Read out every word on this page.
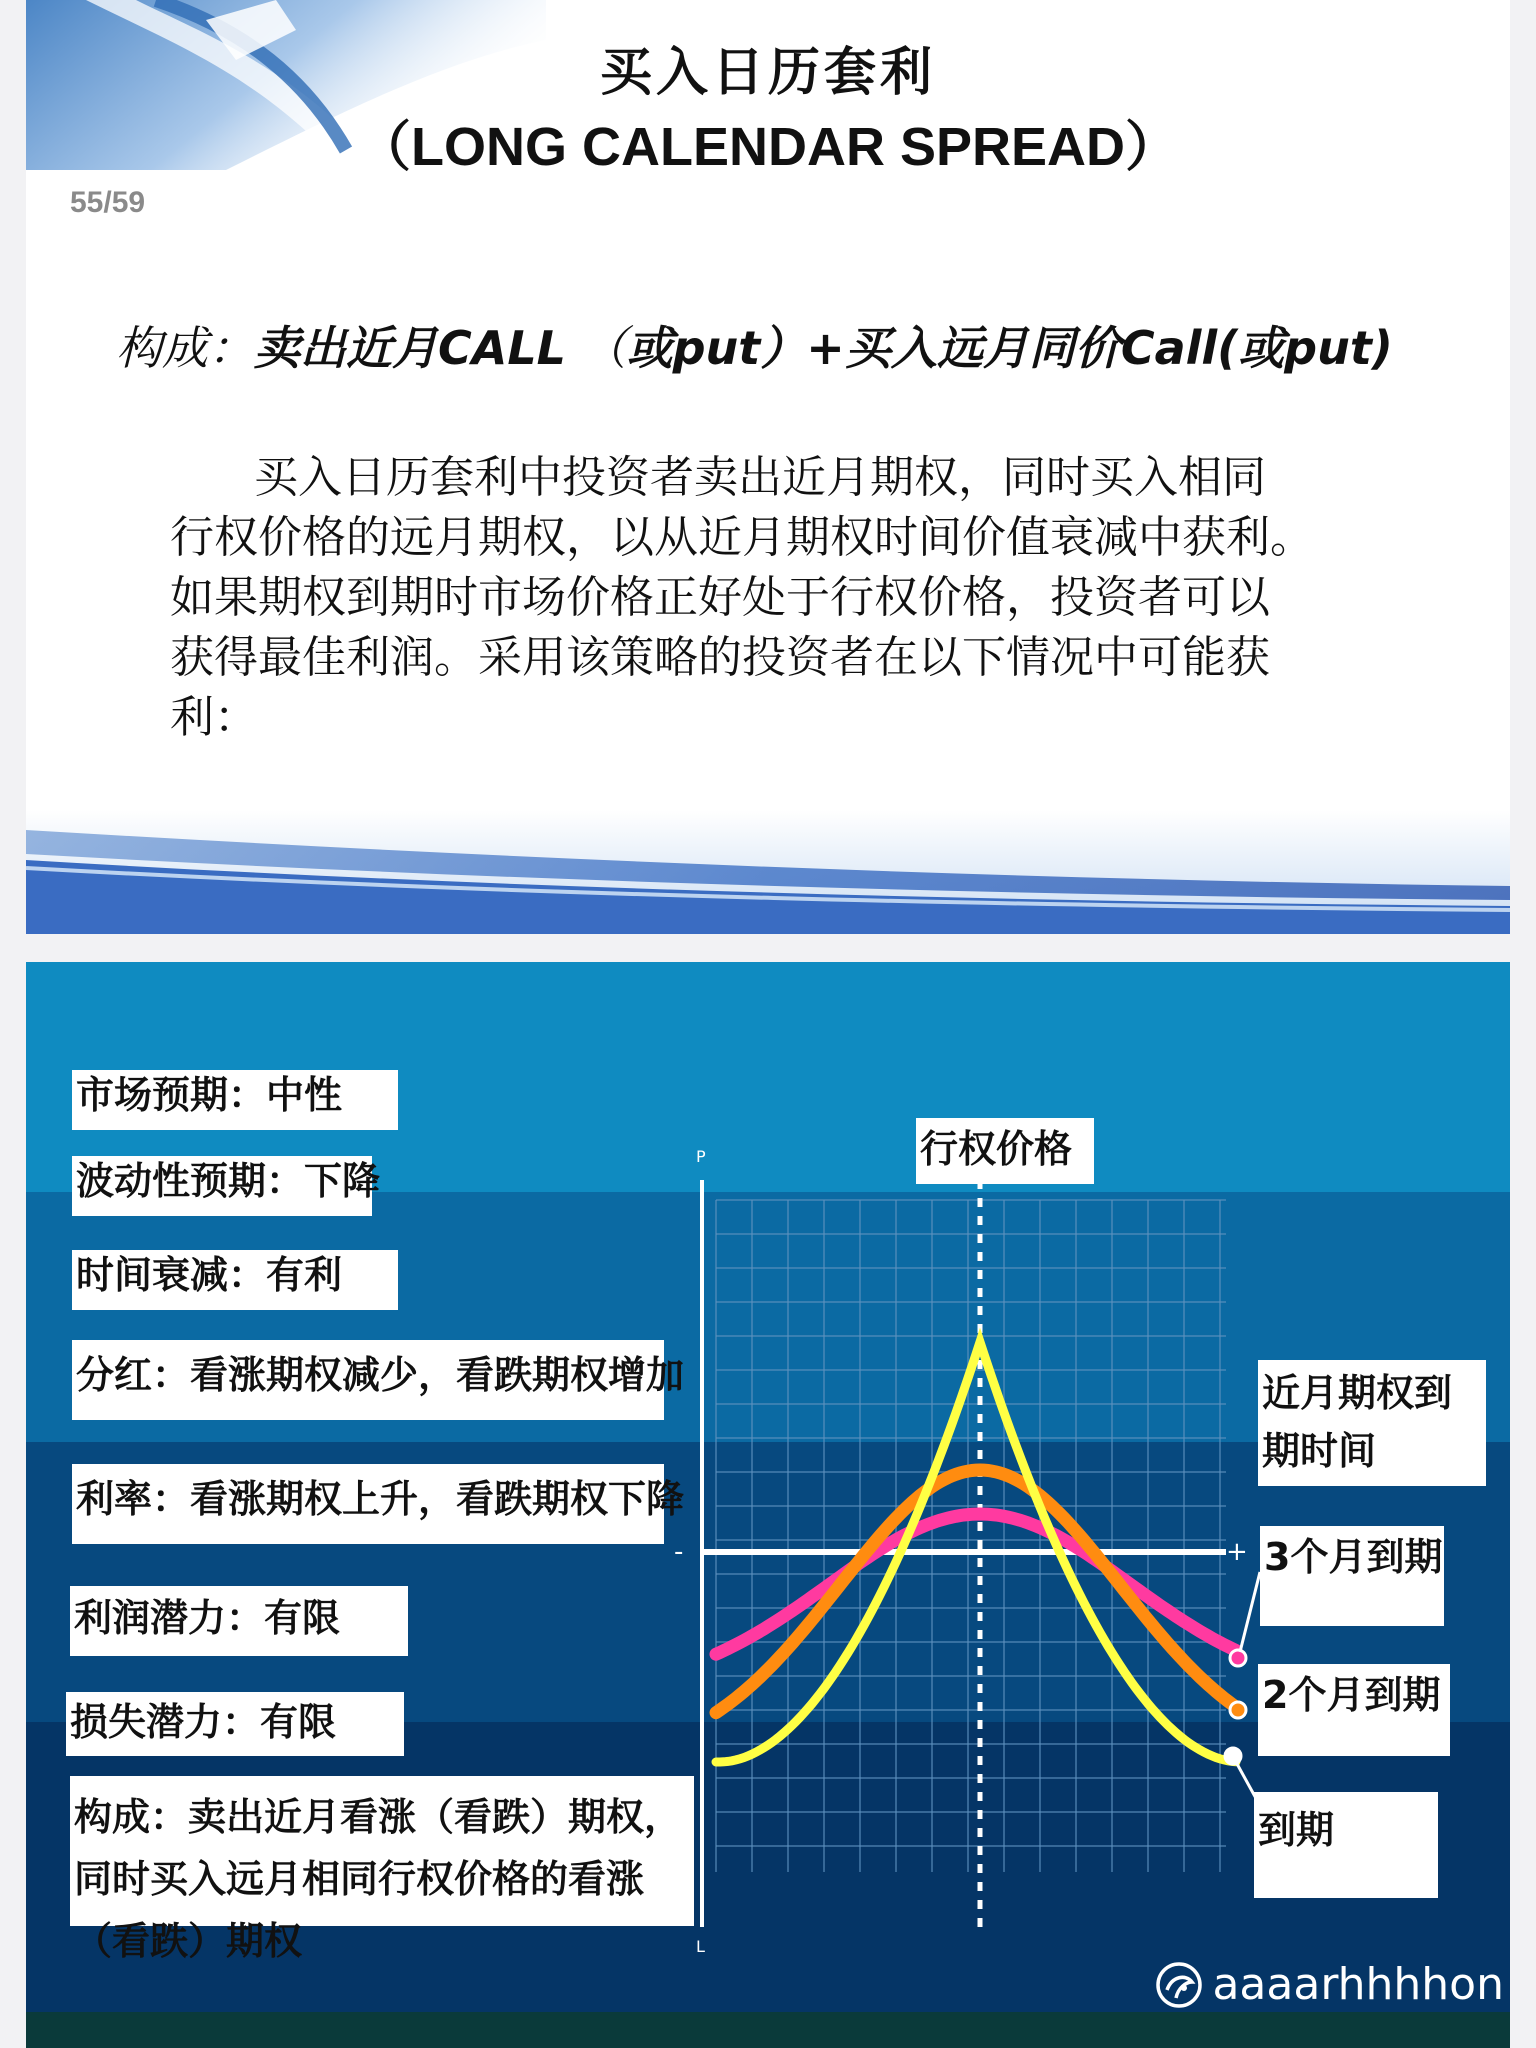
买入日历套利
（LONG CALENDAR SPREAD）
55/59
构成：卖出近月CALL （或put）+买入远月同价Call(或put)
买入日历套利中投资者卖出近月期权，同时买入相同
行权价格的远月期权，以从近月期权时间价值衰减中获利。
如果期权到期时市场价格正好处于行权价格，投资者可以
获得最佳利润。采用该策略的投资者在以下情况中可能获
利：
P
L
-	+
市场预期：中性
波动性预期：下降
时间衰减：有利
分红：看涨期权减少，看跌期权增加
利率：看涨期权上升，看跌期权下降
利润潜力：有限
损失潜力：有限
构成：卖出近月看涨（看跌）期权，同时买入远月相同行权价格的看涨（看跌）期权
行权价格
近月期权到期时间
3个月到期
2个月到期
到期
aaaarhhhhon
